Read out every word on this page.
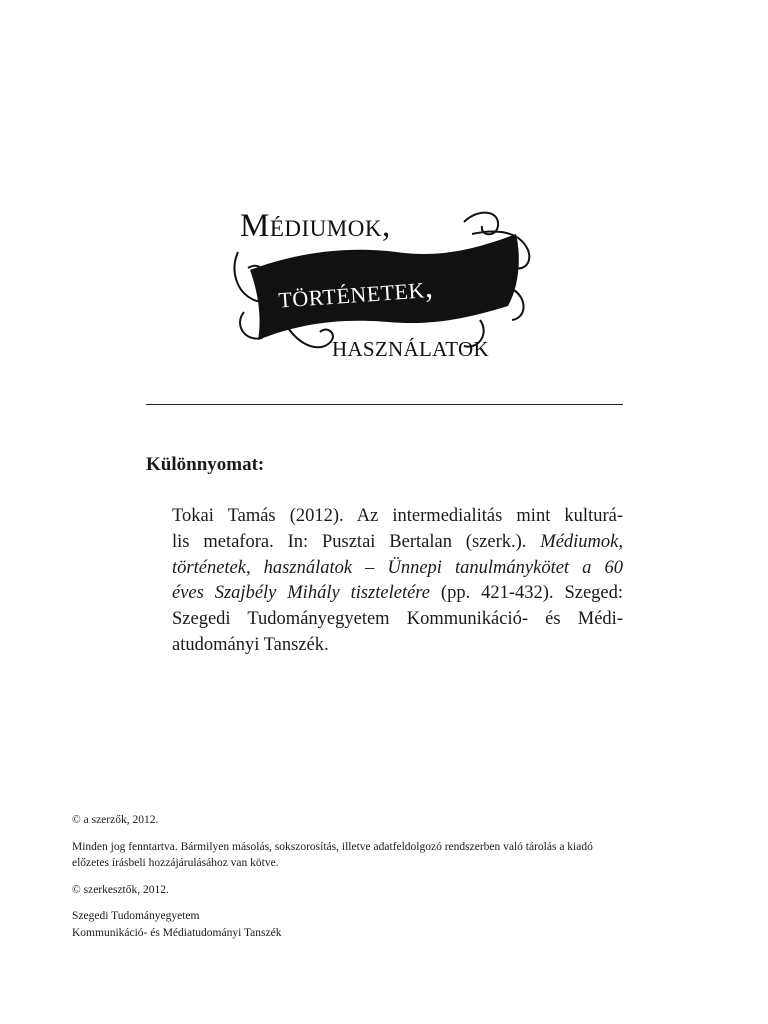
Médiumok,
történetek,
használatok
Különnyomat:
Tokai Tamás (2012). Az intermedialitás mint kulturá-
lis metafora. In: Pusztai Bertalan (szerk.). Médiumok,
történetek, használatok – Ünnepi tanulmánykötet a 60
éves Szajbély Mihály tiszteletére (pp. 421-432). Szeged:
Szegedi Tudományegyetem Kommunikáció- és Médi-
atudományi Tanszék.

© a szerzők, 2012.

Minden jog fenntartva. Bármilyen másolás, sokszorosítás, illetve adatfeldolgozó rendszerben való tárolás a kiadó
előzetes írásbeli hozzájárulásához van kötve.

© szerkesztők, 2012.

Szegedi Tudományegyetem
Kommunikáció- és Médiatudományi Tanszék
